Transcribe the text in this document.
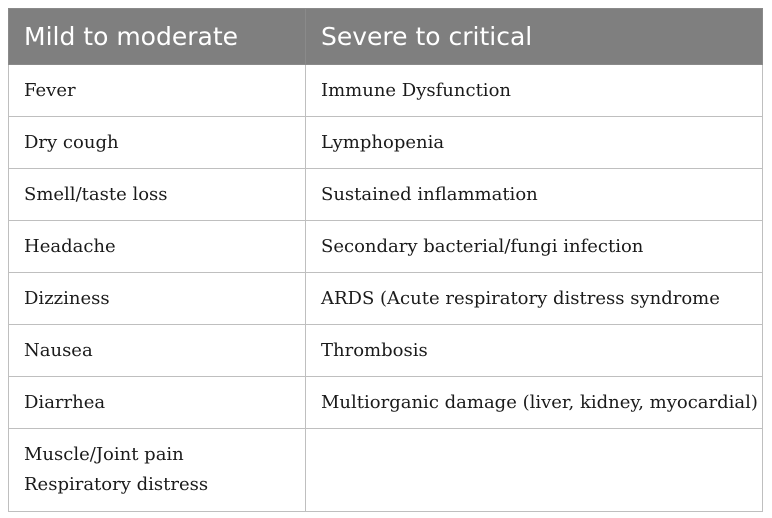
Mild to moderate	Severe to critical
Fever	Immune Dysfunction
Dry cough	Lymphopenia
Smell/taste loss	Sustained inflammation
Headache	Secondary bacterial/fungi infection
Dizziness	ARDS (Acute respiratory distress syndrome
Nausea	Thrombosis
Diarrhea	Multiorganic damage (liver, kidney, myocardial)

Muscle/Joint pain
Respiratory distress	
